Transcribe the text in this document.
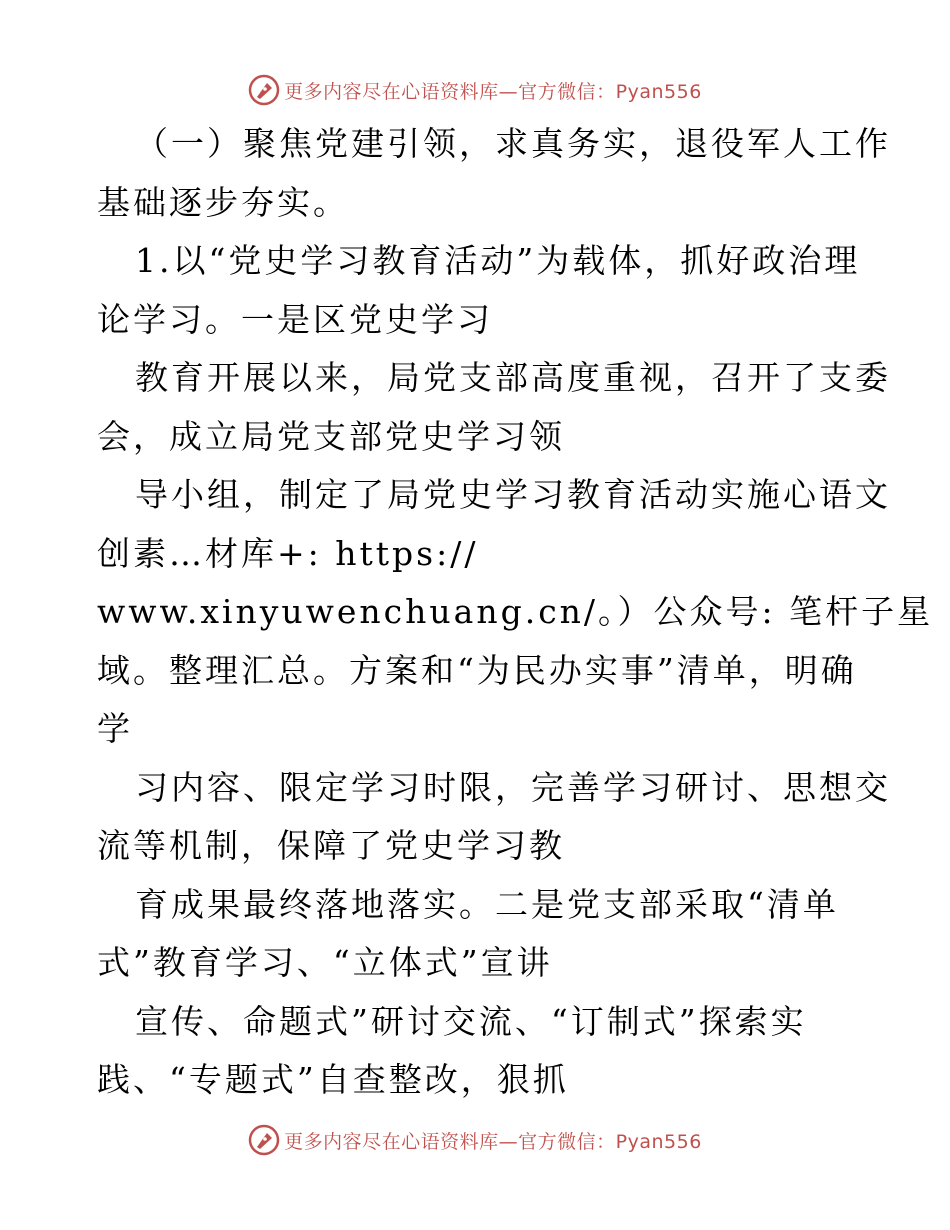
更多内容尽在心语资料库—官方微信：Pyan556
（一）聚焦党建引领，求真务实，退役军人工作
基础逐步夯实。
1.以“党史学习教育活动”为载体，抓好政治理
论学习。一是区党史学习
教育开展以来，局党支部高度重视，召开了支委
会，成立局党支部党史学习领
导小组，制定了局党史学习教育活动实施心语文
创素…材库+: https://
www.xinyuwenchuang.cn/。）公众号: 笔杆子星
域。整理汇总。方案和“为民办实事”清单，明确
学
习内容、限定学习时限，完善学习研讨、思想交
流等机制，保障了党史学习教
育成果最终落地落实。二是党支部采取“清单
式”教育学习、“立体式”宣讲
宣传、命题式”研讨交流、“订制式”探索实
践、“专题式”自查整改，狠抓
更多内容尽在心语资料库—官方微信：Pyan556
